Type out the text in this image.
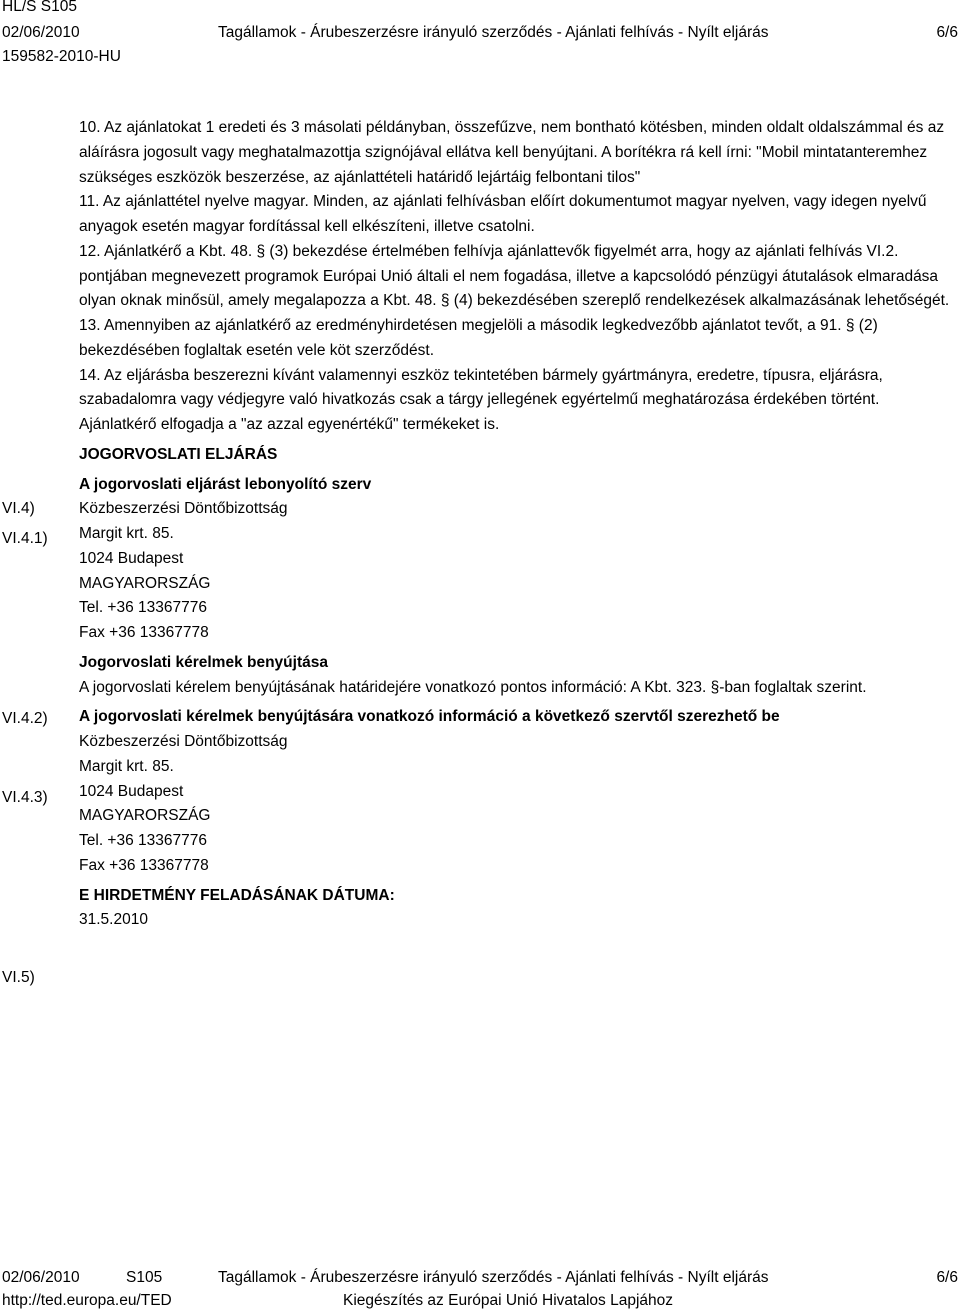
HL/S S105
02/06/2010
159582-2010-HU
Tagállamok - Árubeszerzésre irányuló szerződés - Ajánlati felhívás - Nyílt eljárás	6/6
VI.4)
VI.4.1)
VI.4.2)
VI.4.3)
VI.5)

10. Az ajánlatokat 1 eredeti és 3 másolati példányban, összefűzve, nem bontható kötésben, minden oldalt oldalszámmal és az aláírásra jogosult vagy meghatalmazottja szignójával ellátva kell benyújtani. A borítékra rá kell írni: "Mobil mintatanteremhez szükséges eszközök beszerzése, az ajánlattételi határidő lejártáig felbontani tilos"

11. Az ajánlattétel nyelve magyar. Minden, az ajánlati felhívásban előírt dokumentumot magyar nyelven, vagy idegen nyelvű anyagok esetén magyar fordítással kell elkészíteni, illetve csatolni.

12. Ajánlatkérő a Kbt. 48. § (3) bekezdése értelmében felhívja ajánlattevők figyelmét arra, hogy az ajánlati felhívás VI.2. pontjában megnevezett programok Európai Unió általi el nem fogadása, illetve a kapcsolódó pénzügyi átutalások elmaradása olyan oknak minősül, amely megalapozza a Kbt. 48. § (4) bekezdésében szereplő rendelkezések alkalmazásának lehetőségét.

13. Amennyiben az ajánlatkérő az eredményhirdetésen megjelöli a második legkedvezőbb ajánlatot tevőt, a 91. § (2) bekezdésében foglaltak esetén vele köt szerződést.

14. Az eljárásba beszerezni kívánt valamennyi eszköz tekintetében bármely gyártmányra, eredetre, típusra, eljárásra, szabadalomra vagy védjegyre való hivatkozás csak a tárgy jellegének egyértelmű meghatározása érdekében történt. Ajánlatkérő elfogadja a "az azzal egyenértékű" termékeket is.

JOGORVOSLATI ELJÁRÁS

A jogorvoslati eljárást lebonyolító szerv

Közbeszerzési Döntőbizottság

Margit krt. 85.

1024 Budapest

MAGYARORSZÁG

Tel. +36 13367776

Fax +36 13367778

Jogorvoslati kérelmek benyújtása

A jogorvoslati kérelem benyújtásának határidejére vonatkozó pontos információ: A Kbt. 323. §-ban foglaltak szerint.

A jogorvoslati kérelmek benyújtására vonatkozó információ a következő szervtől szerezhető be

Közbeszerzési Döntőbizottság

Margit krt. 85.

1024 Budapest

MAGYARORSZÁG

Tel. +36 13367776

Fax +36 13367778

E HIRDETMÉNY FELADÁSÁNAK DÁTUMA:

31.5.2010

02/06/2010	S105	Tagállamok - Árubeszerzésre irányuló szerződés - Ajánlati felhívás - Nyílt eljárás	6/6
http://ted.europa.eu/TED	Kiegészítés az Európai Unió Hivatalos Lapjához
